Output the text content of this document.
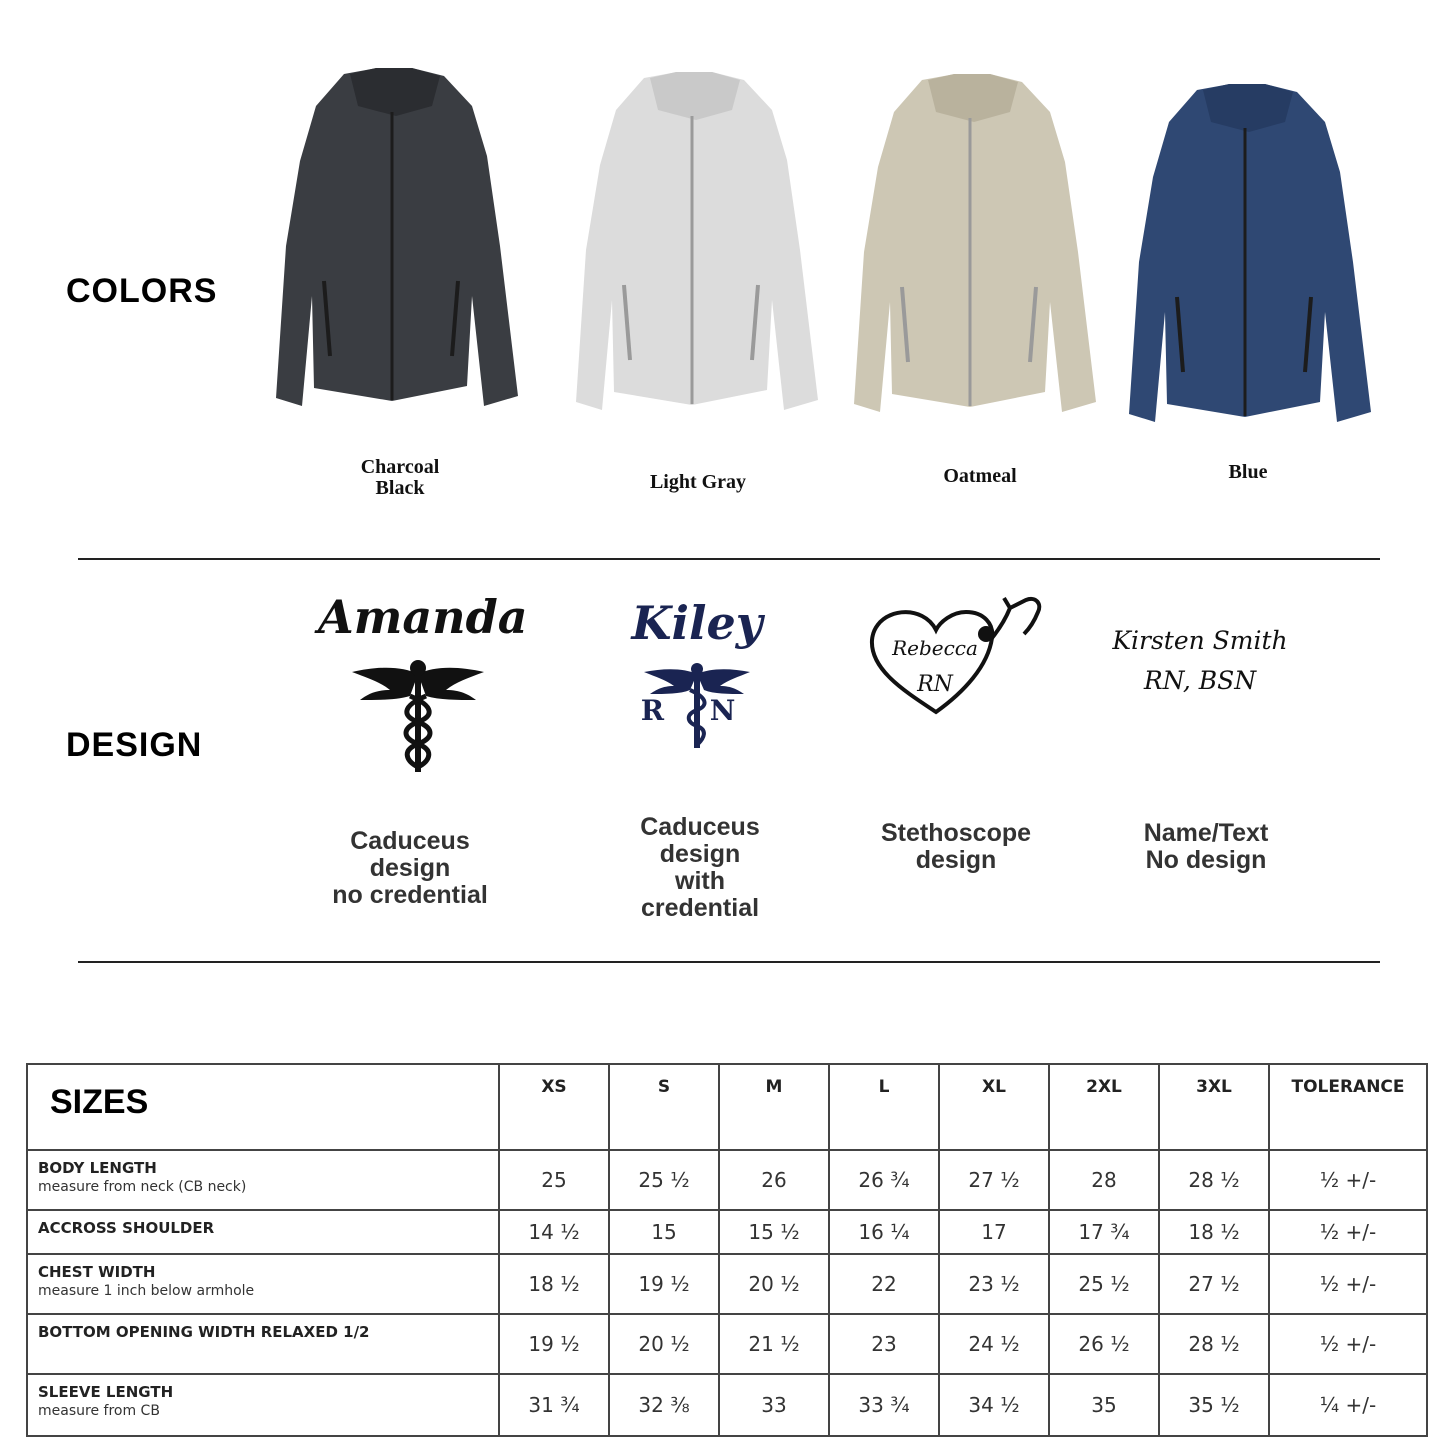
COLORS
Charcoal
Black	Light Gray	Oatmeal	Blue
DESIGN
Amanda	Kiley
R N
Rebecca
RN
Kirsten Smith
RN, BSN
Caduceus
design
no credential
Caduceus
design
with
credential
Stethoscope
design
Name/Text
No design
SIZES	XS	S	M	L	XL	2XL	3XL	TOLERANCE

BODY LENGTH
measure from neck (CB neck)	25	25 ½	26	26 ¾	27 ½	28	28 ½	½ +/-

ACCROSS SHOULDER	14 ½	15	15 ½	16 ¼	17	17 ¾	18 ½	½ +/-

CHEST WIDTH
measure 1 inch below armhole	18 ½	19 ½	20 ½	22	23 ½	25 ½	27 ½	½ +/-

BOTTOM OPENING WIDTH RELAXED 1/2	19 ½	20 ½	21 ½	23	24 ½	26 ½	28 ½	½ +/-

SLEEVE LENGTH
measure from CB	31 ¾	32 ⅜	33	33 ¾	34 ½	35	35 ½	¼ +/-
